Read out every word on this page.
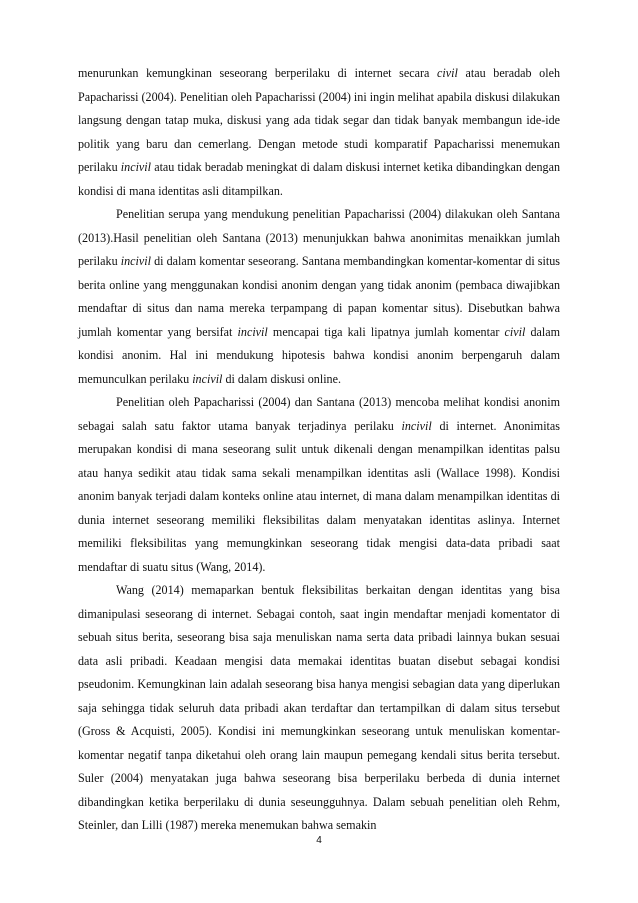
menurunkan kemungkinan seseorang berperilaku di internet secara civil atau beradab oleh Papacharissi (2004). Penelitian oleh Papacharissi (2004) ini ingin melihat apabila diskusi dilakukan langsung dengan tatap muka, diskusi yang ada tidak segar dan tidak banyak membangun ide-ide politik yang baru dan cemerlang. Dengan metode studi komparatif Papacharissi menemukan perilaku incivil atau tidak beradab meningkat di dalam diskusi internet ketika dibandingkan dengan kondisi di mana identitas asli ditampilkan.

Penelitian serupa yang mendukung penelitian Papacharissi (2004) dilakukan oleh Santana (2013).Hasil penelitian oleh Santana (2013) menunjukkan bahwa anonimitas menaikkan jumlah perilaku incivil di dalam komentar seseorang. Santana membandingkan komentar-komentar di situs berita online yang menggunakan kondisi anonim dengan yang tidak anonim (pembaca diwajibkan mendaftar di situs dan nama mereka terpampang di papan komentar situs). Disebutkan bahwa jumlah komentar yang bersifat incivil mencapai tiga kali lipatnya jumlah komentar civil dalam kondisi anonim. Hal ini mendukung hipotesis bahwa kondisi anonim berpengaruh dalam memunculkan perilaku incivil di dalam diskusi online.

Penelitian oleh Papacharissi (2004) dan Santana (2013) mencoba melihat kondisi anonim sebagai salah satu faktor utama banyak terjadinya perilaku incivil di internet. Anonimitas merupakan kondisi di mana seseorang sulit untuk dikenali dengan menampilkan identitas palsu atau hanya sedikit atau tidak sama sekali menampilkan identitas asli (Wallace 1998). Kondisi anonim banyak terjadi dalam konteks online atau internet, di mana dalam menampilkan identitas di dunia internet seseorang memiliki fleksibilitas dalam menyatakan identitas aslinya. Internet memiliki fleksibilitas yang memungkinkan seseorang tidak mengisi data-data pribadi saat mendaftar di suatu situs (Wang, 2014).

Wang (2014) memaparkan bentuk fleksibilitas berkaitan dengan identitas yang bisa dimanipulasi seseorang di internet. Sebagai contoh, saat ingin mendaftar menjadi komentator di sebuah situs berita, seseorang bisa saja menuliskan nama serta data pribadi lainnya bukan sesuai data asli pribadi. Keadaan mengisi data memakai identitas buatan disebut sebagai kondisi pseudonim. Kemungkinan lain adalah seseorang bisa hanya mengisi sebagian data yang diperlukan saja sehingga tidak seluruh data pribadi akan terdaftar dan tertampilkan di dalam situs tersebut (Gross & Acquisti, 2005). Kondisi ini memungkinkan seseorang untuk menuliskan komentar-komentar negatif tanpa diketahui oleh orang lain maupun pemegang kendali situs berita tersebut. Suler (2004) menyatakan juga bahwa seseorang bisa berperilaku berbeda di dunia internet dibandingkan ketika berperilaku di dunia seseungguhnya. Dalam sebuah penelitian oleh Rehm, Steinler, dan Lilli (1987) mereka menemukan bahwa semakin

4
